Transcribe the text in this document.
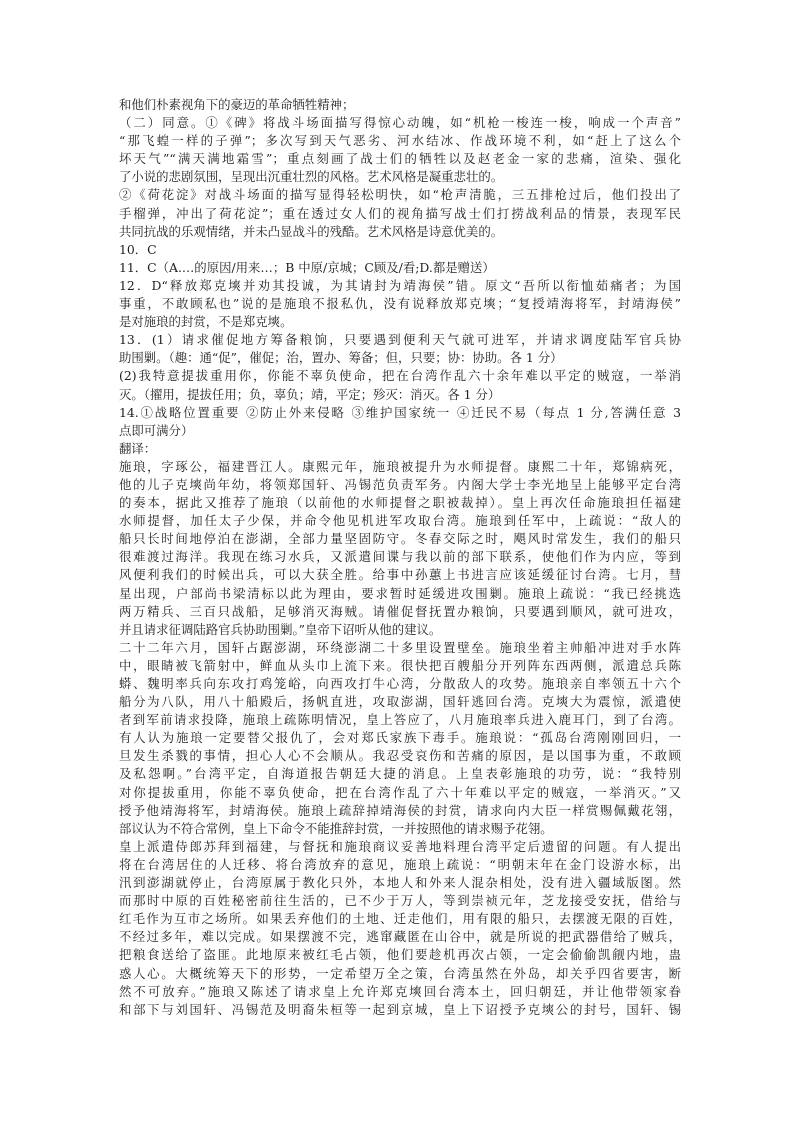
和他们朴素视角下的豪迈的革命牺牲精神；
（二）同意。①《碑》将战斗场面描写得惊心动魄，如“机枪一梭连一梭，响成一个声音”
“那飞蝗一样的子弹”；多次写到天气恶劣、河水结冰、作战环境不利，如“赶上了这么个
坏天气”“满天满地霜雪”；重点刻画了战士们的牺牲以及赵老金一家的悲痛，渲染、强化
了小说的悲剧氛围，呈现出沉重壮烈的风格。艺术风格是凝重悲壮的。
②《荷花淀》对战斗场面的描写显得轻松明快，如“枪声清脆，三五排枪过后，他们投出了
手榴弹，冲出了荷花淀”；重在透过女人们的视角描写战士们打捞战利品的情景，表现军民
共同抗战的乐观情绪，并未凸显战斗的残酷。艺术风格是诗意优美的。
10．C
11．C（A.…的原因/用来…；B 中原/京城；C顾及/看;D.都是赠送）
12．D“释放郑克塽并劝其投诚，为其请封为靖海侯”错。原文“吾所以衔恤茹痛者；为国
事重，不敢顾私也”说的是施琅不报私仇，没有说释放郑克塽；“复授靖海将军，封靖海侯”
是对施琅的封赏，不是郑克塽。
13．(1）请求催促地方筹备粮饷，只要遇到便利天气就可进军，并请求调度陆军官兵协
助围剿。（趣：通“促”，催促；治，置办、筹备；但，只要；协：协助。各 1 分）
(2)我特意提拔重用你，你能不辜负使命，把在台湾作乱六十余年难以平定的贼寇，一举消
灭。（擢用，提拔任用；负，辜负；靖，平定；殄灭：消灭。各 1 分）
14.①战略位置重要 ②防止外来侵略 ③维护国家统一 ④迁民不易（每点 1 分,答满任意 3
点即可满分）
翻译：
施琅，字琢公，福建晋江人。康熙元年，施琅被提升为水师提督。康熙二十年，郑锦病死，
他的儿子克塽尚年幼，将领郑国轩、冯锡范负责军务。内阁大学士李光地呈上能够平定台湾
的奏本，据此又推荐了施琅（以前他的水师提督之职被裁掉）。皇上再次任命施琅担任福建
水师提督，加任太子少保，并命令他见机进军攻取台湾。施琅到任军中，上疏说：“敌人的
船只长时间地停泊在澎湖，全部力量坚固防守。冬春交际之时，飓风时常发生，我们的船只
很难渡过海洋。我现在练习水兵，又派遣间谍与我以前的部下联系，使他们作为内应，等到
风便利我们的时候出兵，可以大获全胜。给事中孙蕙上书进言应该延缓征讨台湾。七月，彗
星出现，户部尚书梁清标以此为理由，要求暂时延缓进攻围剿。施琅上疏说：“我已经挑选
两万精兵、三百只战船，足够消灭海贼。请催促督抚置办粮饷，只要遇到顺风，就可进攻，
并且请求征调陆路官兵协助围剿。”皇帝下诏听从他的建议。
二十二年六月，国轩占踞澎湖，环绕澎湖二十多里设置壁垒。施琅坐着主帅船冲进对手水阵
中，眼睛被飞箭射中，鲜血从头巾上流下来。很快把百艘船分开列阵东西两侧，派遣总兵陈
蟒、魏明率兵向东攻打鸡笼峪，向西攻打牛心湾，分散敌人的攻势。施琅亲自率领五十六个
船分为八队，用八十船殿后，扬帆直进，攻取澎湖，国轩逃回台湾。克塽大为震惊，派遣使
者到军前请求投降，施琅上疏陈明情况，皇上答应了，八月施琅率兵进入鹿耳门，到了台湾。
有人认为施琅一定要替父报仇了，会对郑氏家族下毒手。施琅说：“孤岛台湾刚刚回归，一
旦发生杀戮的事情，担心人心不会顺从。我忍受哀伤和苦痛的原因，是以国事为重，不敢顾
及私怨啊。”台湾平定，自海道报告朝廷大捷的消息。上皇表彰施琅的功劳，说：“我特别
对你提拔重用，你能不辜负使命，把在台湾作乱了六十年难以平定的贼寇，一举消灭。”又
授予他靖海将军，封靖海侯。施琅上疏辞掉靖海侯的封赏，请求向内大臣一样赏赐佩戴花翎，
部议认为不符合常例，皇上下命令不能推辞封赏，一并按照他的请求赐予花翎。
皇上派遣侍郎苏拜到福建，与督抚和施琅商议妥善地料理台湾平定后遗留的问题。有人提出
将在台湾居住的人迁移、将台湾放弃的意见，施琅上疏说：“明朝末年在金门设游水标，出
汛到澎湖就停止，台湾原属于教化只外，本地人和外来人混杂相处，没有进入疆域版图。然
而那时中原的百姓秘密前往生活的，已不少于万人，等到崇祯元年，芝龙接受安抚，借给与
红毛作为互市之场所。如果丢弃他们的土地、迁走他们，用有限的船只，去摆渡无限的百姓，
不经过多年，难以完成。如果摆渡不完，逃窜藏匿在山谷中，就是所说的把武器借给了贼兵，
把粮食送给了盗匪。此地原来被红毛占领，他们要趁机再次占领，一定会偷偷凯觎内地，蛊
惑人心。大概统筹天下的形势，一定希望万全之策，台湾虽然在外岛，却关乎四省要害，断
然不可放弃。”施琅又陈述了请求皇上允许郑克塽回台湾本土，回归朝廷，并让他带领家眷
和部下与刘国轩、冯锡范及明裔朱桓等一起到京城，皇上下诏授予克塽公的封号，国轩、锡
